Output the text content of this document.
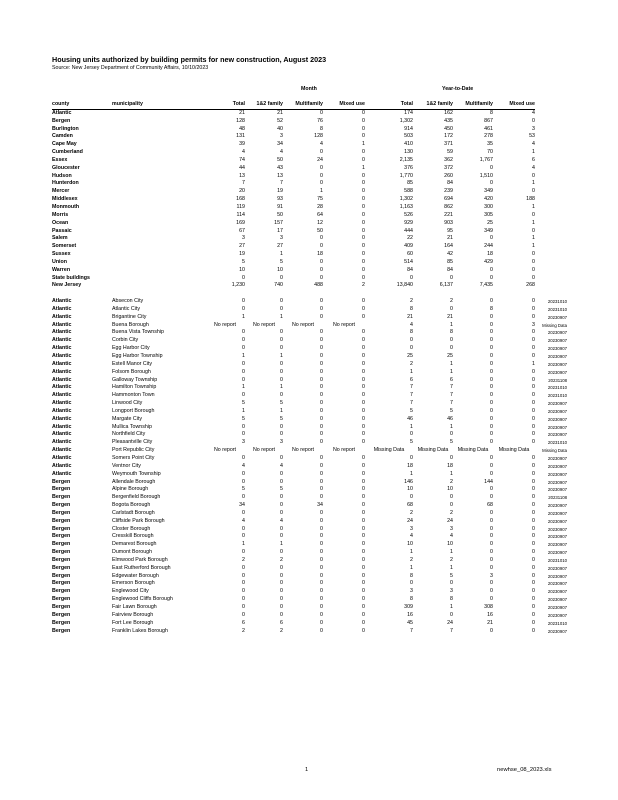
Housing units authorized by building permits for new construction, August 2023
Source: New Jersey Department of Community Affairs, 10/10/2023
Month	Year-to-Date
county	municipality	Total	1&2 family	Multifamily	Mixed use	Total	1&2 family	Multifamily	Mixed use	
Atlantic		21	21	0	0	174	162	8	4	
Bergen		128	52	76	0	1,302	435	867	0	
Burlington		48	40	8	0	914	450	461	3	
Camden		131	3	128	0	503	172	278	53	
Cape May		39	34	4	1	410	371	35	4	
Cumberland		4	4	0	0	130	59	70	1	
Essex		74	50	24	0	2,135	362	1,767	6	
Gloucester		44	43	0	1	376	372	0	4	
Hudson		13	13	0	0	1,770	260	1,510	0	
Hunterdon		7	7	0	0	85	84	0	1	
Mercer		20	19	1	0	588	239	349	0	
Middlesex		168	93	75	0	1,302	694	420	188	
Monmouth		119	91	28	0	1,163	862	300	1	
Morris		114	50	64	0	526	221	305	0	
Ocean		169	157	12	0	929	903	25	1	
Passaic		67	17	50	0	444	95	349	0	
Salem		3	3	0	0	22	21	0	1	
Somerset		27	27	0	0	409	164	244	1	
Sussex		19	1	18	0	60	42	18	0	
Union		5	5	0	0	514	85	429	0	
Warren		10	10	0	0	84	84	0	0	
State buildings		0	0	0	0	0	0	0	0	
New Jersey		1,230	740	488	2	13,840	6,137	7,435	268	

Atlantic	Absecon City	0	0	0	0	2	2	0	0	20231010
Atlantic	Atlantic City	0	0	0	0	8	0	8	0	20231010
Atlantic	Brigantine City	1	1	0	0	21	21	0	0	20230907
Atlantic	Buena Borough	No report	No report	No report	No report	4	1	0	3	Missing Data
Atlantic	Buena Vista Township	0	0	0	0	8	8	0	0	20230907
Atlantic	Corbin City	0	0	0	0	0	0	0	0	20230907
Atlantic	Egg Harbor City	0	0	0	0	0	0	0	0	20230907
Atlantic	Egg Harbor Township	1	1	0	0	25	25	0	0	20230907
Atlantic	Estell Manor City	0	0	0	0	2	1	0	1	20230907
Atlantic	Folsom Borough	0	0	0	0	1	1	0	0	20230907
Atlantic	Galloway Township	0	0	0	0	6	6	0	0	20231108
Atlantic	Hamilton Township	1	1	0	0	7	7	0	0	20231010
Atlantic	Hammonton Town	0	0	0	0	7	7	0	0	20231010
Atlantic	Linwood City	5	5	0	0	7	7	0	0	20230907
Atlantic	Longport Borough	1	1	0	0	5	5	0	0	20230907
Atlantic	Margate City	5	5	0	0	46	46	0	0	20230907
Atlantic	Mullica Township	0	0	0	0	1	1	0	0	20230907
Atlantic	Northfield City	0	0	0	0	0	0	0	0	20230907
Atlantic	Pleasantville City	3	3	0	0	5	5	0	0	20231010
Atlantic	Port Republic City	No report	No report	No report	No report	Missing Data	Missing Data	Missing Data	Missing Data	Missing Data
Atlantic	Somers Point City	0	0	0	0	0	0	0	0	20230907
Atlantic	Ventnor City	4	4	0	0	18	18	0	0	20230907
Atlantic	Weymouth Township	0	0	0	0	1	1	0	0	20230907
Bergen	Allendale Borough	0	0	0	0	146	2	144	0	20230907
Bergen	Alpine Borough	5	5	0	0	10	10	0	0	20230907
Bergen	Bergenfield Borough	0	0	0	0	0	0	0	0	20231108
Bergen	Bogota Borough	34	0	34	0	68	0	68	0	20230907
Bergen	Carlstadt Borough	0	0	0	0	2	2	0	0	20230907
Bergen	Cliffside Park Borough	4	4	0	0	24	24	0	0	20230907
Bergen	Closter Borough	0	0	0	0	3	3	0	0	20230907
Bergen	Cresskill Borough	0	0	0	0	4	4	0	0	20230907
Bergen	Demarest Borough	1	1	0	0	10	10	0	0	20230907
Bergen	Dumont Borough	0	0	0	0	1	1	0	0	20230907
Bergen	Elmwood Park Borough	2	2	0	0	2	2	0	0	20231010
Bergen	East Rutherford Borough	0	0	0	0	1	1	0	0	20230907
Bergen	Edgewater Borough	0	0	0	0	8	5	3	0	20230907
Bergen	Emerson Borough	0	0	0	0	0	0	0	0	20230907
Bergen	Englewood City	0	0	0	0	3	3	0	0	20230907
Bergen	Englewood Cliffs Borough	0	0	0	0	8	8	0	0	20230907
Bergen	Fair Lawn Borough	0	0	0	0	309	1	308	0	20230907
Bergen	Fairview Borough	0	0	0	0	16	0	16	0	20230907
Bergen	Fort Lee Borough	6	6	0	0	45	24	21	0	20231010
Bergen	Franklin Lakes Borough	2	2	0	0	7	7	0	0	20230907
1	newhse_08_2023.xls
